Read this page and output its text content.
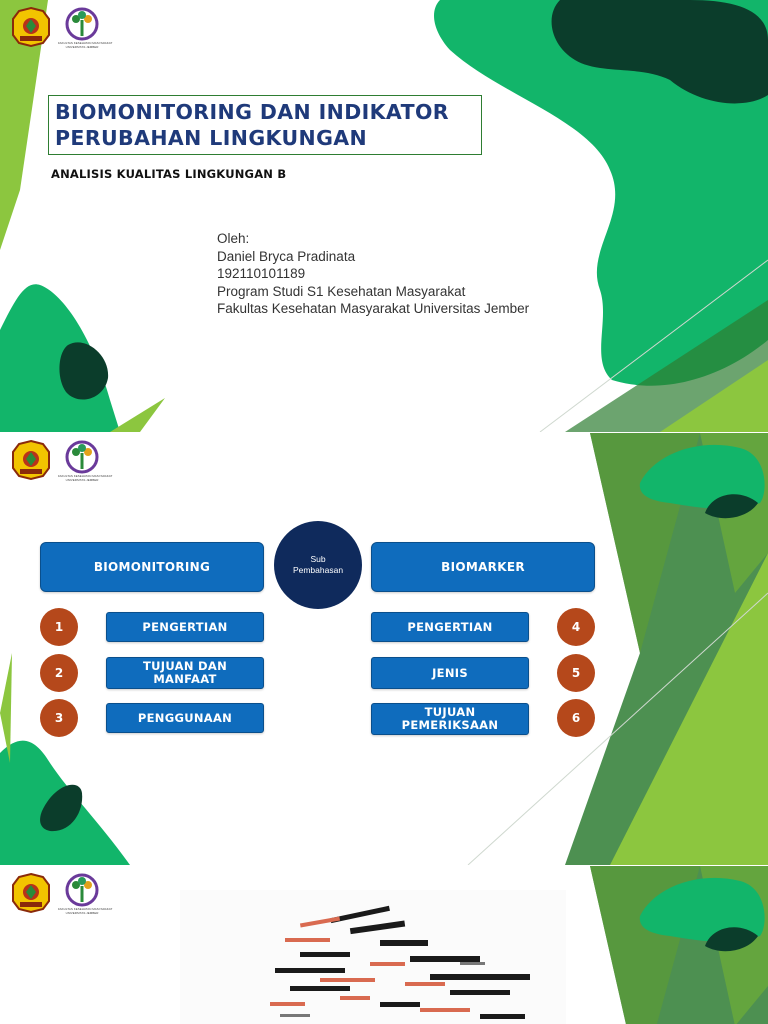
FAKULTAS KESEHATAN MASYARAKAT
UNIVERSITAS JEMBER
BIOMONITORING DAN INDIKATOR
PERUBAHAN LINGKUNGAN
ANALISIS KUALITAS LINGKUNGAN B
Oleh:
Daniel Bryca Pradinata
192110101189
Program Studi S1 Kesehatan Masyarakat
Fakultas Kesehatan Masyarakat Universitas Jember
FAKULTAS KESEHATAN MASYARAKAT
UNIVERSITAS JEMBER
BIOMONITORING
Sub
Pembahasan	BIOMARKER
1	PENGERTIAN
2	TUJUAN DAN
MANFAAT
3	PENGGUNAAN
PENGERTIAN	4
JENIS	5
TUJUAN
PEMERIKSAAN	6
FAKULTAS KESEHATAN MASYARAKAT
UNIVERSITAS JEMBER
